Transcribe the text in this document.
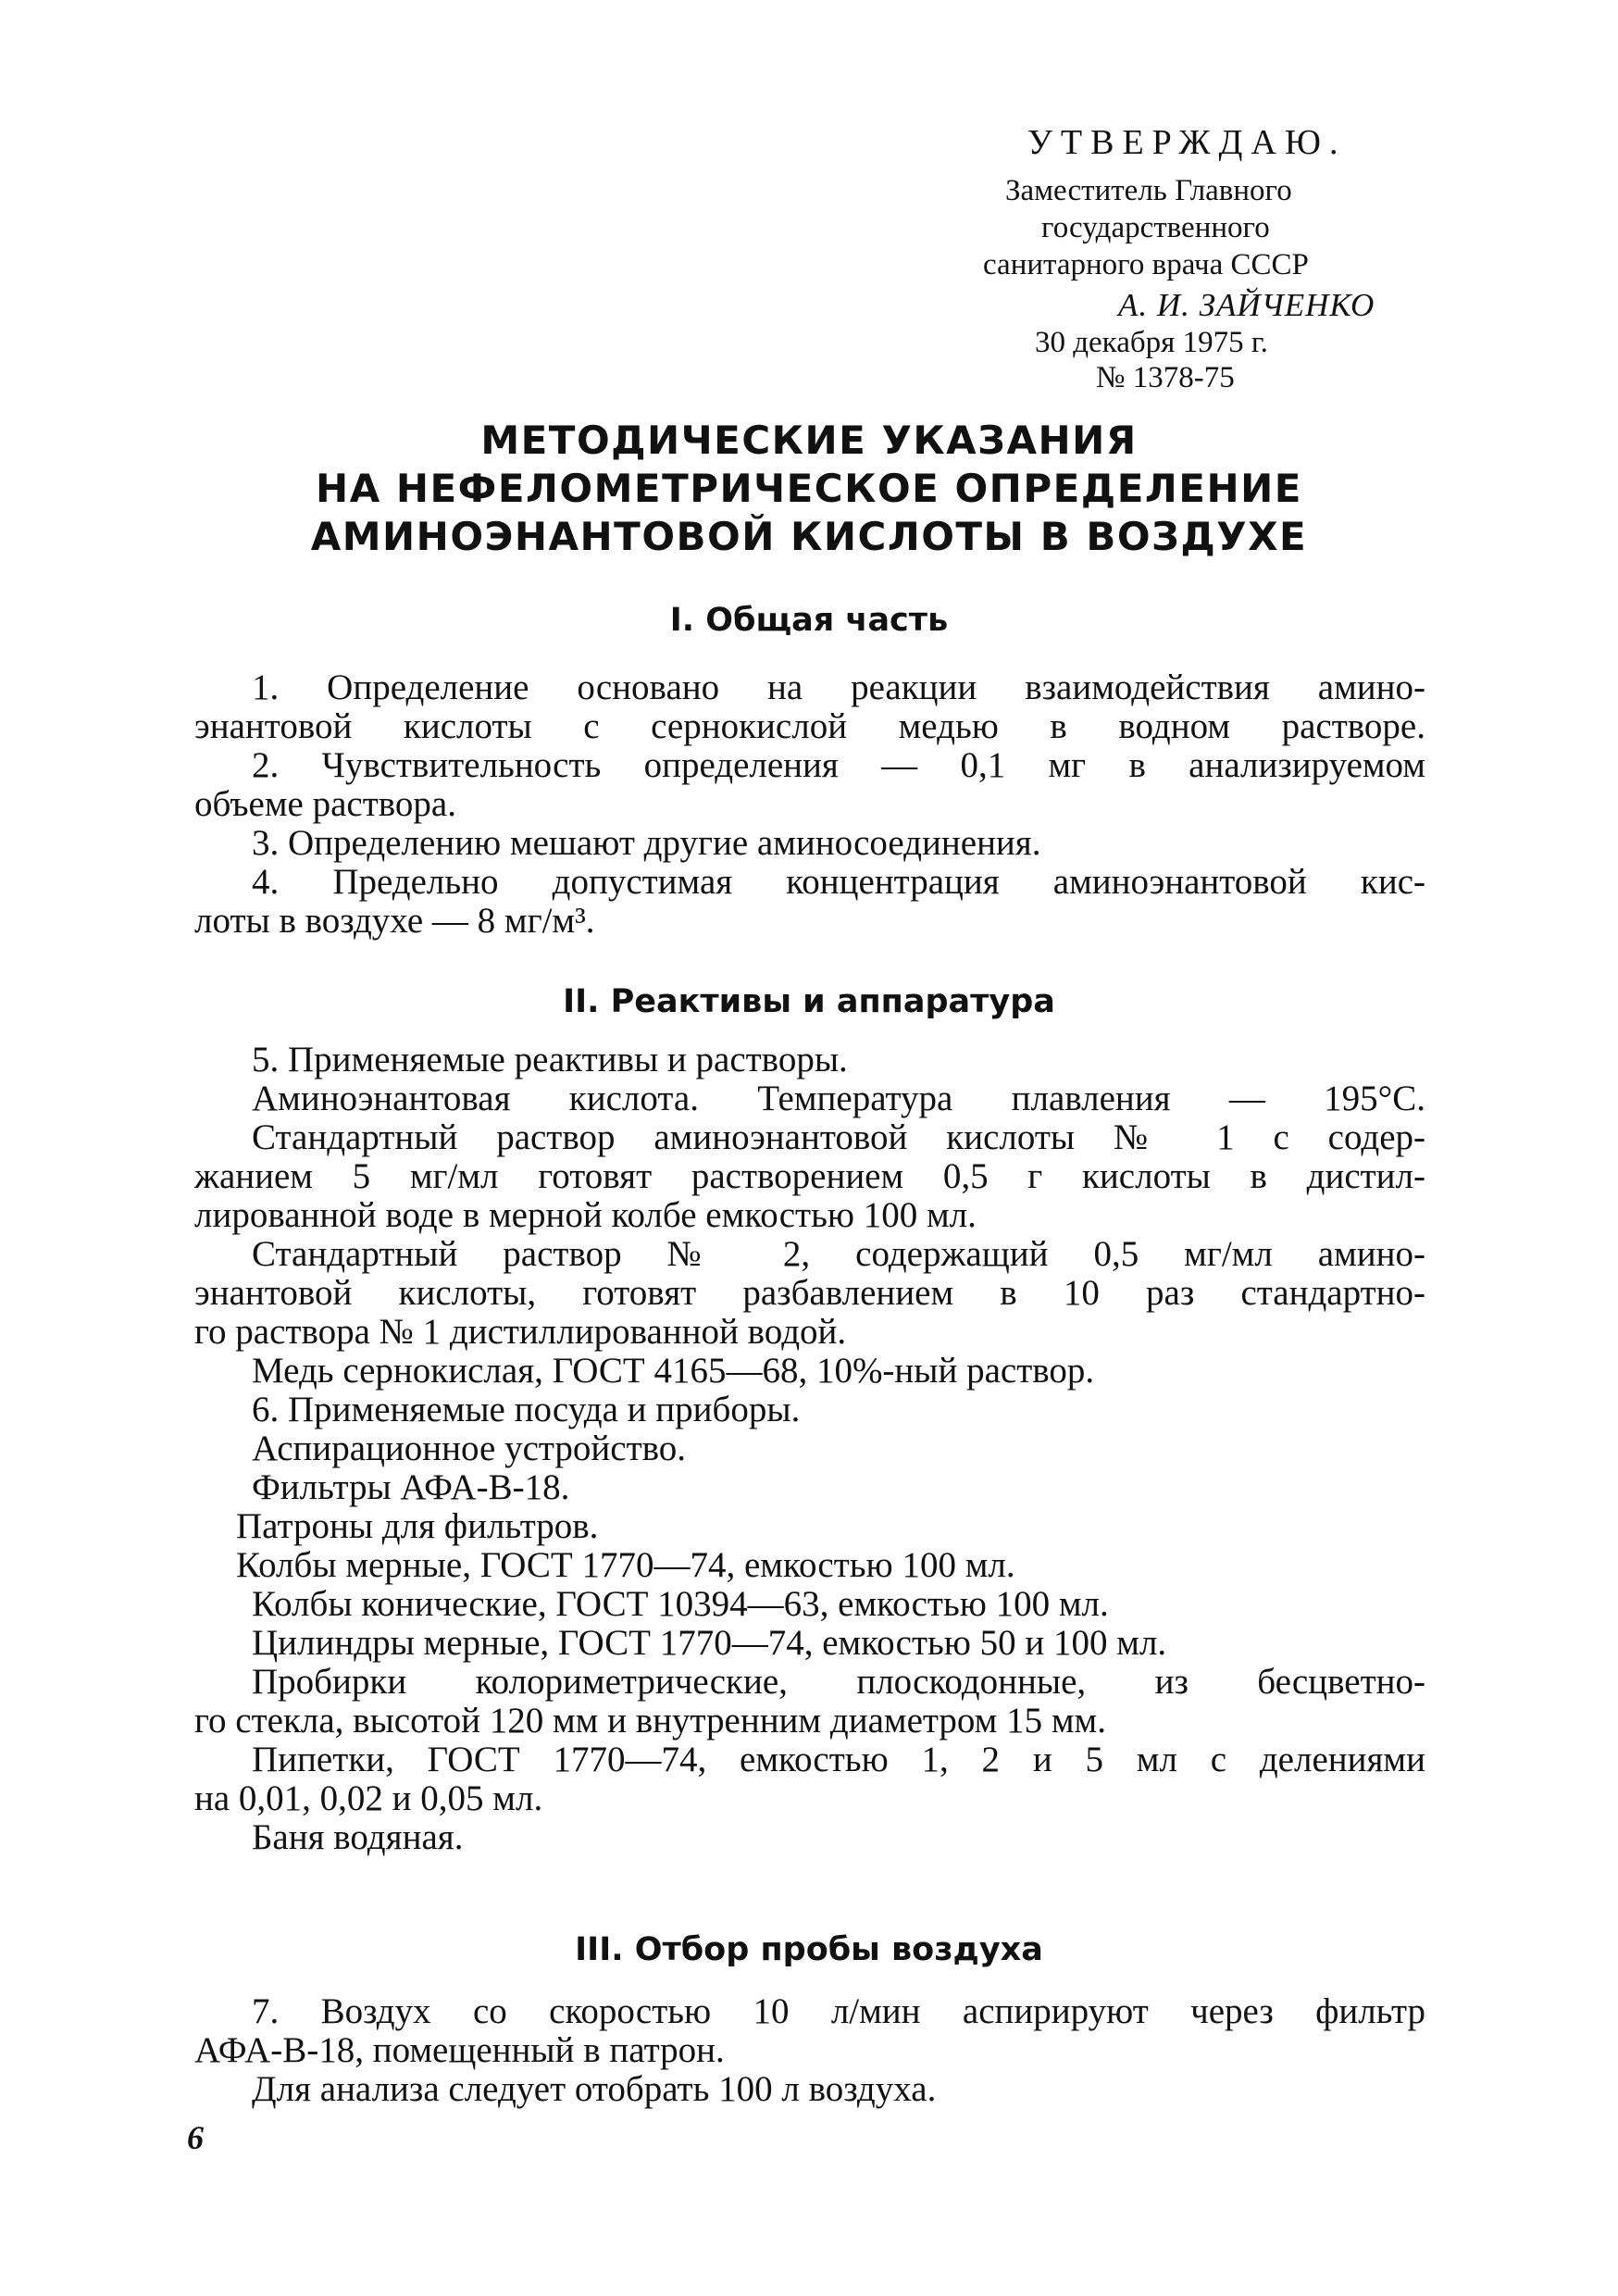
УТВЕРЖДАЮ.
Заместитель Главного
государственного
санитарного врача СССР
А. И. ЗАЙЧЕНКО
30 декабря 1975 г.
№ 1378-75
МЕТОДИЧЕСКИЕ УКАЗАНИЯ
НА НЕФЕЛОМЕТРИЧЕСКОЕ ОПРЕДЕЛЕНИЕ
АМИНОЭНАНТОВОЙ КИСЛОТЫ В ВОЗДУХЕ
I. Общая часть
1. Определение основано на реакции взаимодействия амино-
энантовой кислоты с сернокислой медью в водном растворе.
2. Чувствительность определения — 0,1 мг в анализируемом
объеме раствора.
3. Определению мешают другие аминосоединения.
4. Предельно допустимая концентрация аминоэнантовой кис-
лоты в воздухе — 8 мг/м³.
II. Реактивы и аппаратура
5. Применяемые реактивы и растворы.
Аминоэнантовая кислота. Температура плавления — 195°С.
Стандартный раствор аминоэнантовой кислоты № 1 с содер-
жанием 5 мг/мл готовят растворением 0,5 г кислоты в дистил-
лированной воде в мерной колбе емкостью 100 мл.
Стандартный раствор № 2, содержащий 0,5 мг/мл амино-
энантовой кислоты, готовят разбавлением в 10 раз стандартно-
го раствора № 1 дистиллированной водой.
Медь сернокислая, ГОСТ 4165—68, 10%-ный раствор.
6. Применяемые посуда и приборы.
Аспирационное устройство.
Фильтры АФА-В-18.
Патроны для фильтров.
Колбы мерные, ГОСТ 1770—74, емкостью 100 мл.
Колбы конические, ГОСТ 10394—63, емкостью 100 мл.
Цилиндры мерные, ГОСТ 1770—74, емкостью 50 и 100 мл.
Пробирки колориметрические, плоскодонные, из бесцветно-
го стекла, высотой 120 мм и внутренним диаметром 15 мм.
Пипетки, ГОСТ 1770—74, емкостью 1, 2 и 5 мл с делениями
на 0,01, 0,02 и 0,05 мл.
Баня водяная.
III. Отбор пробы воздуха
7. Воздух со скоростью 10 л/мин аспирируют через фильтр
АФА-В-18, помещенный в патрон.
Для анализа следует отобрать 100 л воздуха.
6
